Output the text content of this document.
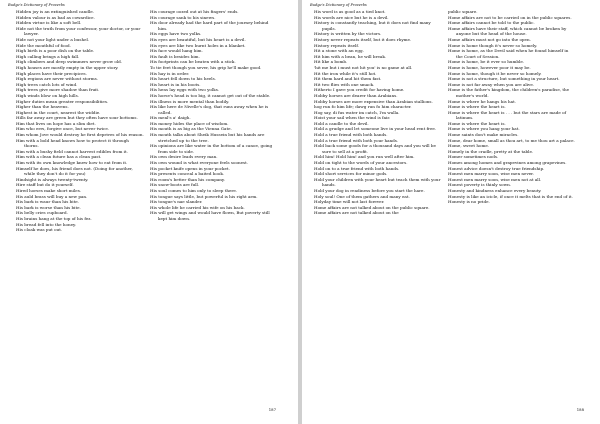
Budge's Dictionary of Proverbs

Hidden joy is an extinguished candle.

Hidden valour is as bad as cowardice.

Hidden virtue is like a soft bell.

Hide not the truth from your confessor, your doctor, or your lawyer.

Hide not your light under a bushel.

Hide the mouthful of food.

High birth is a poor dish on the table.

High calling brings a high fall.

High climbers and deep swimmers never grow old.

High houses are mostly empty in the upper story.

High places have their precipices.

High regions are never without storms.

High trees catch lots of wind.

High trees give more shadow than fruit.

High winds blow on high hills.

Higher duties mean greater responsibilities.

Higher than the heavens.

Highest in the court, nearest the widdie.

Hills far away are green but they often have sour bottoms.

Him that lives on hope has a slim diet.

Him who errs, forgive once, but never twice.

Him whom Jove would destroy he first deprives of his reason.

Him with a bold head knows how to protect it through thorns.

Him with a bushy field cannot harvest edibles from it.

Him with a clean future has a clean past.

Him with its own knowledge knew how to eat from it.

Himself he does, his friend does not. (Doing for another, while they don't do it for you)

Hindsight is always twenty-twenty.

Hire staff but do it yourself.

Hired horses make short miles.

His auld brass will buy a new pan.

His bark is waur than his bite.

His bark is worse than his bite.

His belly cries cupboard.

His brains hang at the top of his fez.

His bread fell into the honey.

His cloak was put out.

His courage oozed out at his fingers' ends.

His courage sank to his sinews.

His door already had the hard part of the journey behind him.

His eggs have two yolks.

His eyes are beautiful, but his heart is a devil.

His eyes are like two burnt holes in a blanket.

His face would hang him.

His fault is besides him.

His footprints can be beaten with a stick.

To tie feet though you sever, his grip he'll make good.

His hay is in order.

His heart fell down to his heels.

His heart is in his boots.

His hens lay eggs with two yolks.

His horse's head is too big, it cannot get out of the stable.

His illness is more mental than bodily.

His like here de Nivelle's dog, that runs away when he is called.

His meal's a' daigh.

His money hides the place of wisdom.

His mouth is as big as the Vienna Gate.

His mouth talks about Sheik Hussein but his hands are stretched up to the tree.

His opinions are like water in the bottom of a canoe, going from side to side.

His own desire leads every man.

His own wound is what everyone feels soonest.

His pocket knife opens in your pocket.

His presents conceal a baited hook.

His room's better than his company.

His snow-boots are full.

His soul comes to him only to sleep there.

His tongue says little, but powerful is his right arm.

His tongue's nae slander.

His whole life he carried his wife on his back.

His will get wings and would have flown, But poverty still kept him down.

187
Budge's Dictionary of Proverbs

His word is as good as a tied knot.

His words are nice but he is a devil.

History is constantly teaching, but it does not find many pupils.

History is written by the victors.

History never repeats itself, but it does rhyme.

History repeats itself.

Hit a stone with an egg.

Hit him with a bean, he will break.

Hit like a bomb.

'hit me but i must not hit you' is no game at all.

Hit the iron while it's still hot.

Hit them hard and hit them fast.

Hit two flies with one smack.

Hitherto I gave you credit for having home.

Hobby horses are dearer than Arabians.

Hobby horses are more expensive than Arabian stallions.

hog run fo him life; dawg run fo him character.

Hog say, di fus water im catch, I'm walla.

Hoist your sail when the wind is fair.

Hold a candle to the devil.

Hold a grudge and let someone live in your head rent free.

Hold a true friend with both hands.

Hold a true friend with both your hands.

Hold back some goods for a thousand days and you will be sure to sell at a profit.

Hold him! Hold him! and you run well after him.

Hold on tight to the words of your ancestors.

Hold on to a true friend with both hands.

Hold short services for minor gods.

Hold your children with your heart but teach them with your hands.

Hold your dog in readiness before you start the hare.

Holy soul! One of them gathers and many eat.

Holyday time will not last forever.

Home affairs are not talked about on the public square.

Home affairs are not talked about on the

public square.

Home affairs are not to be carried on in the public squares.

Home affairs cannot be told to the public.

Home affairs have their staff, which cannot be broken by anyone but the head of the house.

Home affairs must not go into the open.

Home is home though it's never so homely.

Home is home, as the Devil said when he found himself in the Court of Session.

Home is home, be it ever so humble.

Home is home, however poor it may be.

Home is home, though it be never so homely.

Home is not a structure, but something in your heart.

Home is not far away when you are alive.

Home is the father's kingdom, the children's paradise, the mother's world.

Home is where he hangs his hat.

Home is where the heart is.

Home is where the heart is . . . but the stars are made of latinum.

Home is where the heart is.

Home is where you hang your hat.

Home saints don't make miracles.

Home, dear home, small as thou art, to me thou art a palace.

Home, sweet home.

Homely in the cradle, pretty at the table.

Homer sometimes nods.

Homes among homes and grapevines among grapevines.

Honest advice doesn't destroy true friendship.

Honest men marry soon, wise men never.

Honest men marry soon, wise men not at all.

Honest poverty is thinly sown.

Honesty and kindness enhance every beauty.

Honesty is like an icicle, if once it melts that is the end of it.

Honesty is no pride.

188
